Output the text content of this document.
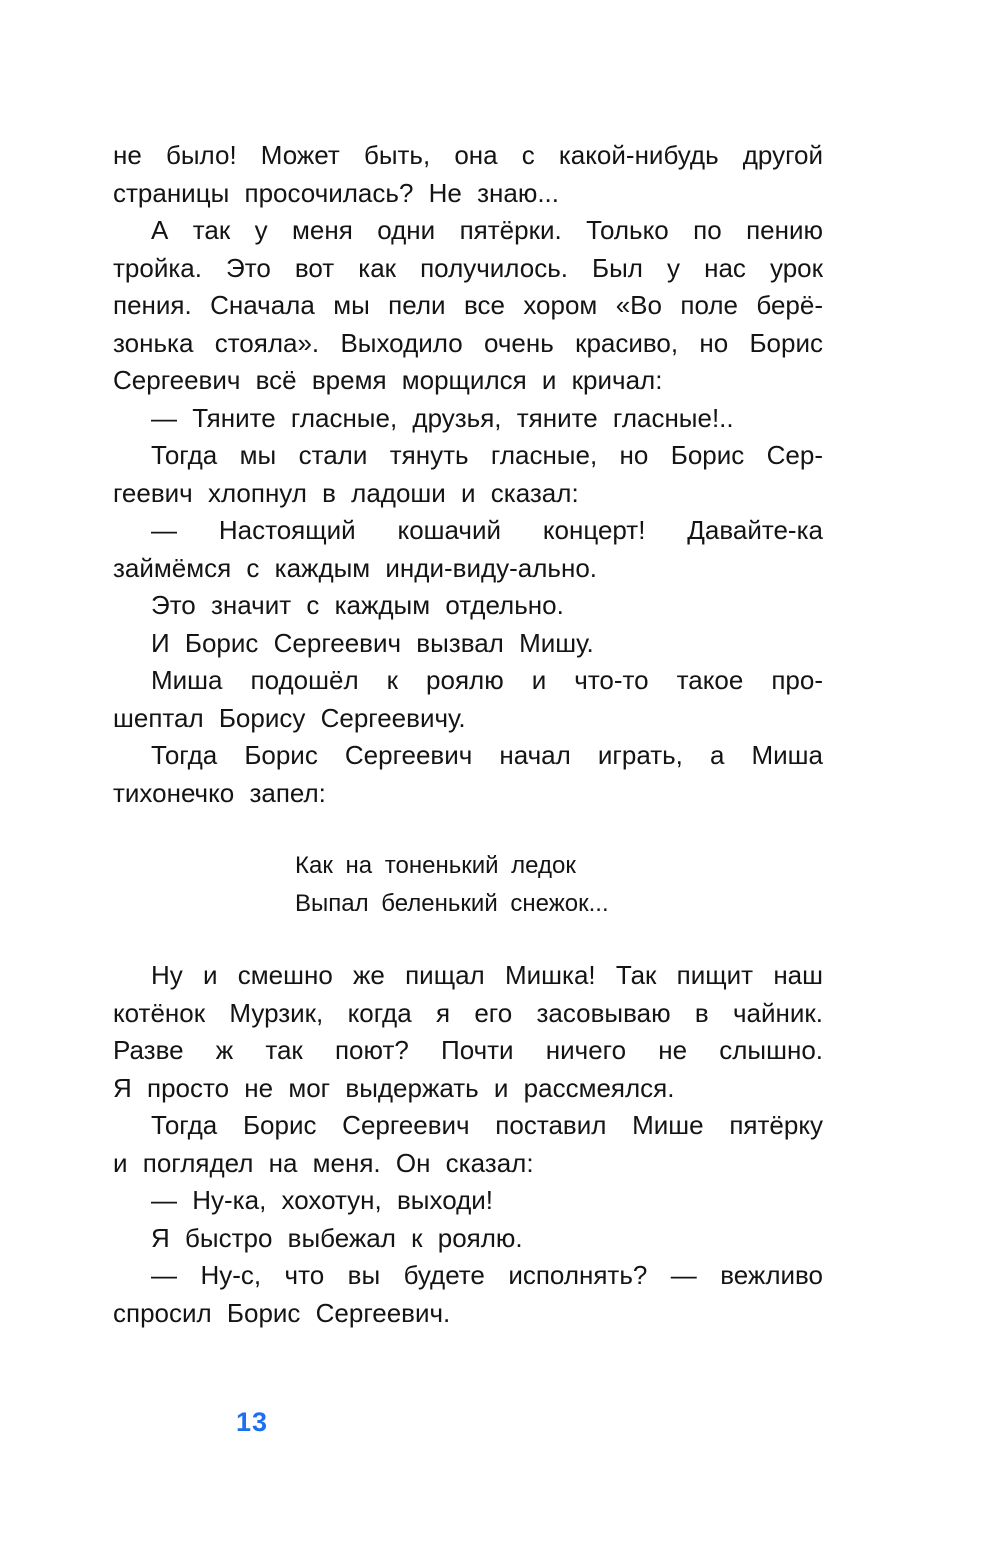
не было! Может быть, она с какой-нибудь другой
страницы просочилась? Не знаю...
А так у меня одни пятёрки. Только по пению
тройка. Это вот как получилось. Был у нас урок
пения. Сначала мы пели все хором «Во поле берё-
зонька стояла». Выходило очень красиво, но Борис
Сергеевич всё время морщился и кричал:
— Тяните гласные, друзья, тяните гласные!..
Тогда мы стали тянуть гласные, но Борис Сер-
геевич хлопнул в ладоши и сказал:
— Настоящий кошачий концерт! Давайте-ка
займёмся с каждым инди-виду-ально.
Это значит с каждым отдельно.
И Борис Сергеевич вызвал Мишу.
Миша подошёл к роялю и что-то такое про-
шептал Борису Сергеевичу.
Тогда Борис Сергеевич начал играть, а Миша
тихонечко запел:
Как на тоненький ледок
Выпал беленький снежок...
Ну и смешно же пищал Мишка! Так пищит наш
котёнок Мурзик, когда я его засовываю в чайник.
Разве ж так поют? Почти ничего не слышно.
Я просто не мог выдержать и рассмеялся.
Тогда Борис Сергеевич поставил Мише пятёрку
и поглядел на меня. Он сказал:
— Ну-ка, хохотун, выходи!
Я быстро выбежал к роялю.
— Ну-с, что вы будете исполнять? — вежливо
спросил Борис Сергеевич.
13
